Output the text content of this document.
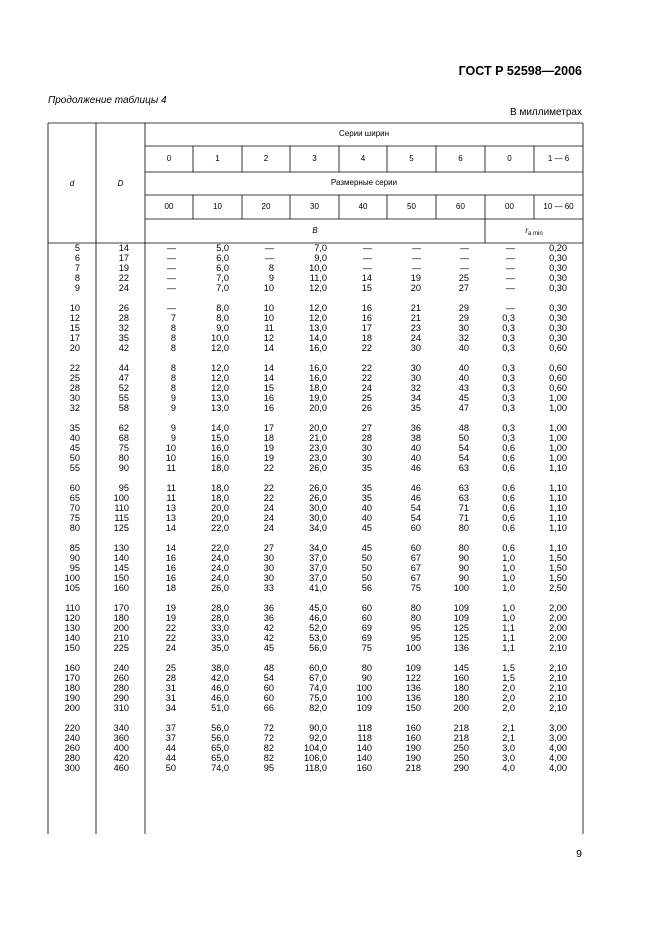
ГОСТ Р 52598—2006
Продолжение таблицы 4
В миллиметрах
d	D
Серии ширин
Размерные серии
B	$r_{a min}$
0	1	2	3	4	5	6	0	1 — 6
00	10	20	30	40	50	60	00	10 — 60
5	14	—	5,0	—	7,0	—	—	—	—	0,20
6	17	—	6,0	—	9,0	—	—	—	—	0,30
7	19	—	6,0	8	10,0	—	—	—	—	0,30
8	22	—	7,0	9	11,0	14	19	25	—	0,30
9	24	—	7,0	10	12,0	15	20	27	—	0,30
10	26	—	8,0	10	12,0	16	21	29	—	0,30
12	28	7	8,0	10	12,0	16	21	29	0,3	0,30
15	32	8	9,0	11	13,0	17	23	30	0,3	0,30
17	35	8	10,0	12	14,0	18	24	32	0,3	0,30
20	42	8	12,0	14	16,0	22	30	40	0,3	0,60
22	44	8	12,0	14	16,0	22	30	40	0,3	0,60
25	47	8	12,0	14	16,0	22	30	40	0,3	0,60
28	52	8	12,0	15	18,0	24	32	43	0,3	0,60
30	55	9	13,0	16	19,0	25	34	45	0,3	1,00
32	58	9	13,0	16	20,0	26	35	47	0,3	1,00
35	62	9	14,0	17	20,0	27	36	48	0,3	1,00
40	68	9	15,0	18	21,0	28	38	50	0,3	1,00
45	75	10	16,0	19	23,0	30	40	54	0,6	1,00
50	80	10	16,0	19	23,0	30	40	54	0,6	1,00
55	90	11	18,0	22	26,0	35	46	63	0,6	1,10
60	95	11	18,0	22	26,0	35	46	63	0,6	1,10
65	100	11	18,0	22	26,0	35	46	63	0,6	1,10
70	110	13	20,0	24	30,0	40	54	71	0,6	1,10
75	115	13	20,0	24	30,0	40	54	71	0,6	1,10
80	125	14	22,0	24	34,0	45	60	80	0,6	1,10
85	130	14	22,0	27	34,0	45	60	80	0,6	1,10
90	140	16	24,0	30	37,0	50	67	90	1,0	1,50
95	145	16	24,0	30	37,0	50	67	90	1,0	1,50
100	150	16	24,0	30	37,0	50	67	90	1,0	1,50
105	160	18	26,0	33	41,0	56	75	100	1,0	2,50
110	170	19	28,0	36	45,0	60	80	109	1,0	2,00
120	180	19	28,0	36	46,0	60	80	109	1,0	2,00
130	200	22	33,0	42	52,0	69	95	125	1,1	2,00
140	210	22	33,0	42	53,0	69	95	125	1,1	2,00
150	225	24	35,0	45	56,0	75	100	136	1,1	2,10
160	240	25	38,0	48	60,0	80	109	145	1,5	2,10
170	260	28	42,0	54	67,0	90	122	160	1,5	2,10
180	280	31	46,0	60	74,0	100	136	180	2,0	2,10
190	290	31	46,0	60	75,0	100	136	180	2,0	2,10
200	310	34	51,0	66	82,0	109	150	200	2,0	2,10
220	340	37	56,0	72	90,0	118	160	218	2,1	3,00
240	360	37	56,0	72	92,0	118	160	218	2,1	3,00
260	400	44	65,0	82	104,0	140	190	250	3,0	4,00
280	420	44	65,0	82	106,0	140	190	250	3,0	4,00
300	460	50	74,0	95	118,0	160	218	290	4,0	4,00
9
